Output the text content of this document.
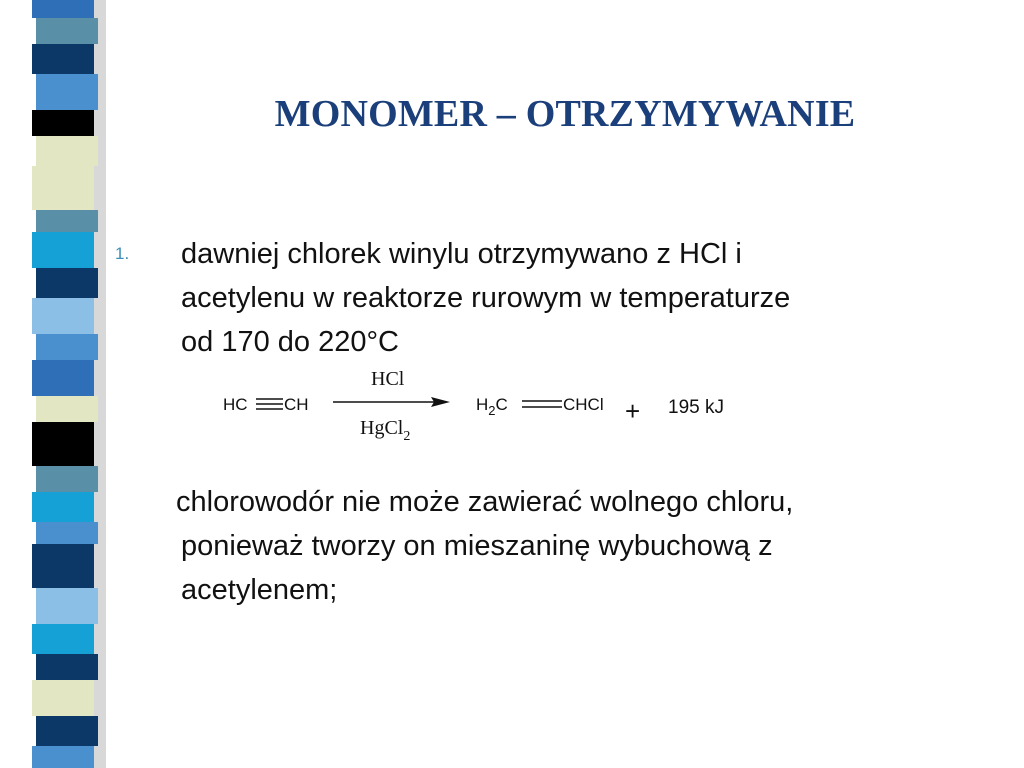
MONOMER – OTRZYMYWANIE
1. dawniej chlorek winylu otrzymywano z HCl i
acetylenu w reaktorze rurowym w temperaturze
od 170 do 220°C
HC CH
HCl
HgCl$_2$
$H_2C$	CHCl + 195 kJ
chlorowodór nie może zawierać wolnego chloru,
ponieważ tworzy on mieszaninę wybuchową z
acetylenem;
